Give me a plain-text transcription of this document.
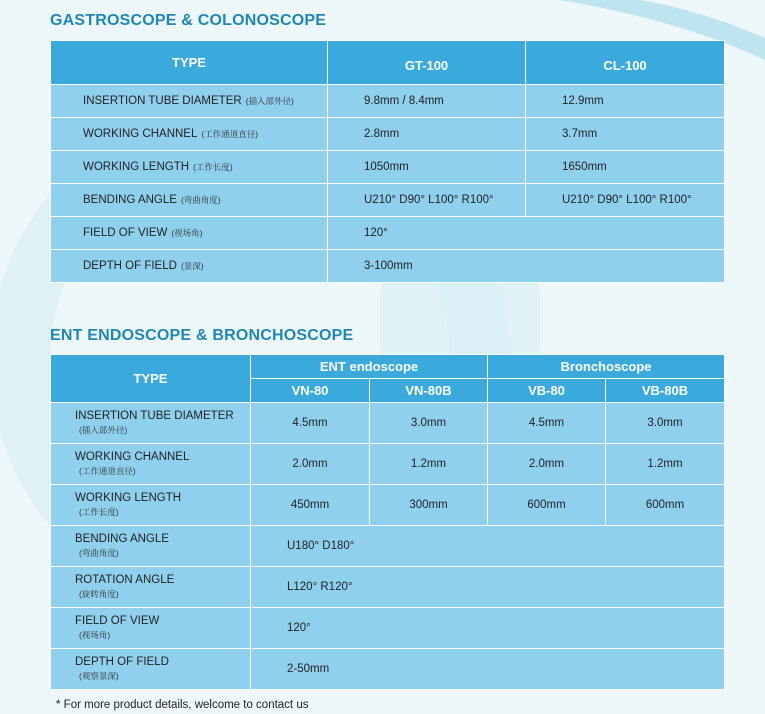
GASTROSCOPE & COLONOSCOPE
TYPE	GT-100	CL-100
INSERTION TUBE DIAMETER (插入部外径)	9.8mm / 8.4mm	12.9mm
WORKING CHANNEL (工作通道直径)	2.8mm	3.7mm
WORKING LENGTH (工作长度)	1050mm	1650mm
BENDING ANGLE (弯曲角度)	U210° D90° L100° R100°	U210° D90° L100° R100°
FIELD OF VIEW (视场角)	120°	
DEPTH OF FIELD (景深)	3-100mm	
ENT ENDOSCOPE & BRONCHOSCOPE
TYPE	ENT endoscope		Bronchoscope	
	VN-80	VN-80B	VB-80	VB-80B
INSERTION TUBE DIAMETER
(插入部外径)	4.5mm	3.0mm	4.5mm	3.0mm
WORKING CHANNEL
(工作通道直径)	2.0mm	1.2mm	2.0mm	1.2mm
WORKING LENGTH
(工作长度)	450mm	300mm	600mm	600mm
BENDING ANGLE
(弯曲角度)	U180° D180°			
ROTATION ANGLE
(旋转角度)	L120° R120°			
FIELD OF VIEW
(视场角)	120°			
DEPTH OF FIELD
(观察景深)	2-50mm			

* For more product details, welcome to contact us
